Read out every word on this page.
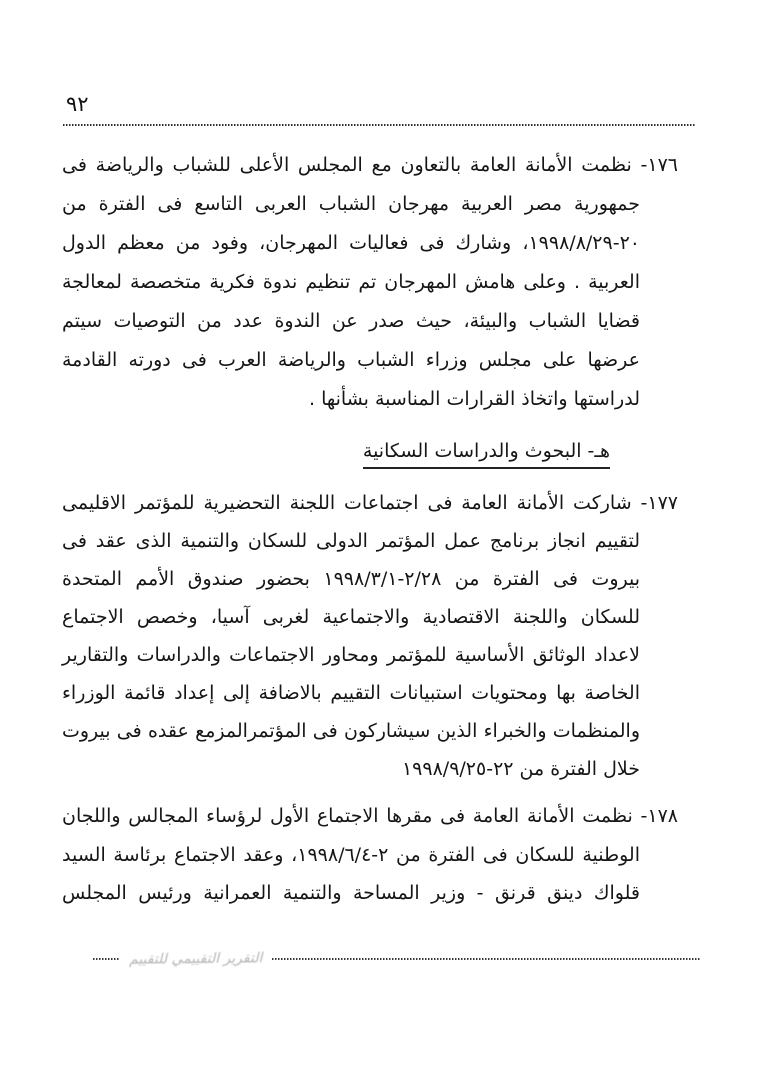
٩٢
١٧٦- نظمت الأمانة العامة بالتعاون مع المجلس الأعلى للشباب والرياضة فى
جمهورية مصر العربية مهرجان الشباب العربى التاسع فى الفترة من
٢٠-١٩٩٨/٨/٢٩، وشارك فى فعاليات المهرجان، وفود من معظم الدول
العربية . وعلى هامش المهرجان تم تنظيم ندوة فكرية متخصصة لمعالجة
قضايا الشباب والبيئة، حيث صدر عن الندوة عدد من التوصيات سيتم
عرضها على مجلس وزراء الشباب والرياضة العرب فى دورته القادمة
لدراستها واتخاذ القرارات المناسبة بشأنها .
هـ- البحوث والدراسات السكانية
١٧٧- شاركت الأمانة العامة فى اجتماعات اللجنة التحضيرية للمؤتمر الاقليمى
لتقييم انجاز برنامج عمل المؤتمر الدولى للسكان والتنمية الذى عقد فى
بيروت فى الفترة من ٢/٢٨-١٩٩٨/٣/١ بحضور صندوق الأمم المتحدة
للسكان واللجنة الاقتصادية والاجتماعية لغربى آسيا، وخصص الاجتماع
لاعداد الوثائق الأساسية للمؤتمر ومحاور الاجتماعات والدراسات والتقارير
الخاصة بها ومحتويات استبيانات التقييم بالاضافة إلى إعداد قائمة الوزراء
والمنظمات والخبراء الذين سيشاركون فى المؤتمرالمزمع عقده فى بيروت
خلال الفترة من ٢٢-١٩٩٨/٩/٢٥
١٧٨- نظمت الأمانة العامة فى مقرها الاجتماع الأول لرؤساء المجالس واللجان
الوطنية للسكان فى الفترة من ٢-١٩٩٨/٦/٤، وعقد الاجتماع برئاسة السيد
قلواك دينق قرنق - وزير المساحة والتنمية العمرانية ورئيس المجلس
التقرير التقييمي للتقييم
